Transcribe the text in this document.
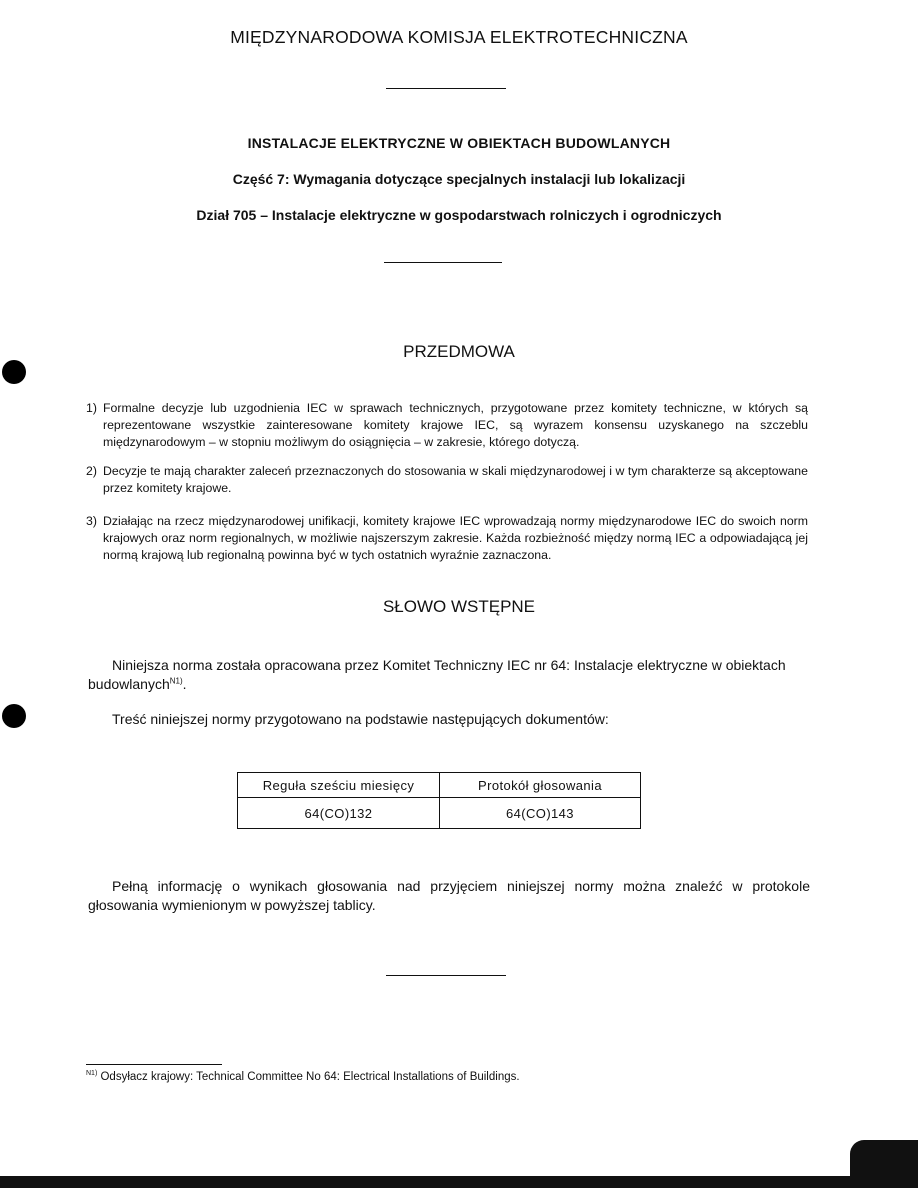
MIĘDZYNARODOWA KOMISJA ELEKTROTECHNICZNA
INSTALACJE ELEKTRYCZNE W OBIEKTACH BUDOWLANYCH
Część 7: Wymagania dotyczące specjalnych instalacji lub lokalizacji
Dział 705 – Instalacje elektryczne w gospodarstwach rolniczych i ogrodniczych
PRZEDMOWA
1) Formalne decyzje lub uzgodnienia IEC w sprawach technicznych, przygotowane przez komitety techniczne, w których są reprezentowane wszystkie zainteresowane komitety krajowe IEC, są wyrazem konsensu uzyskanego na szczeblu międzynarodowym – w stopniu możliwym do osiągnięcia – w zakresie, którego dotyczą.
2) Decyzje te mają charakter zaleceń przeznaczonych do stosowania w skali międzynarodowej i w tym charakterze są akceptowane przez komitety krajowe.
3) Działając na rzecz międzynarodowej unifikacji, komitety krajowe IEC wprowadzają normy międzynarodowe IEC do swoich norm krajowych oraz norm regionalnych, w możliwie najszerszym zakresie. Każda rozbieżność między normą IEC a odpowiadającą jej normą krajową lub regionalną powinna być w tych ostatnich wyraźnie zaznaczona.
SŁOWO WSTĘPNE
Niniejsza norma została opracowana przez Komitet Techniczny IEC nr 64: Instalacje elektryczne w obiektach budowlanych$^{N1)}$.
Treść niniejszej normy przygotowano na podstawie następujących dokumentów:
Reguła sześciu miesięcy	Protokół głosowania
64(CO)132	64(CO)143
Pełną informację o wynikach głosowania nad przyjęciem niniejszej normy można znaleźć w protokole głosowania wymienionym w powyższej tablicy.
$^{N1)}$ Odsyłacz krajowy: Technical Committee No 64: Electrical Installations of Buildings.
